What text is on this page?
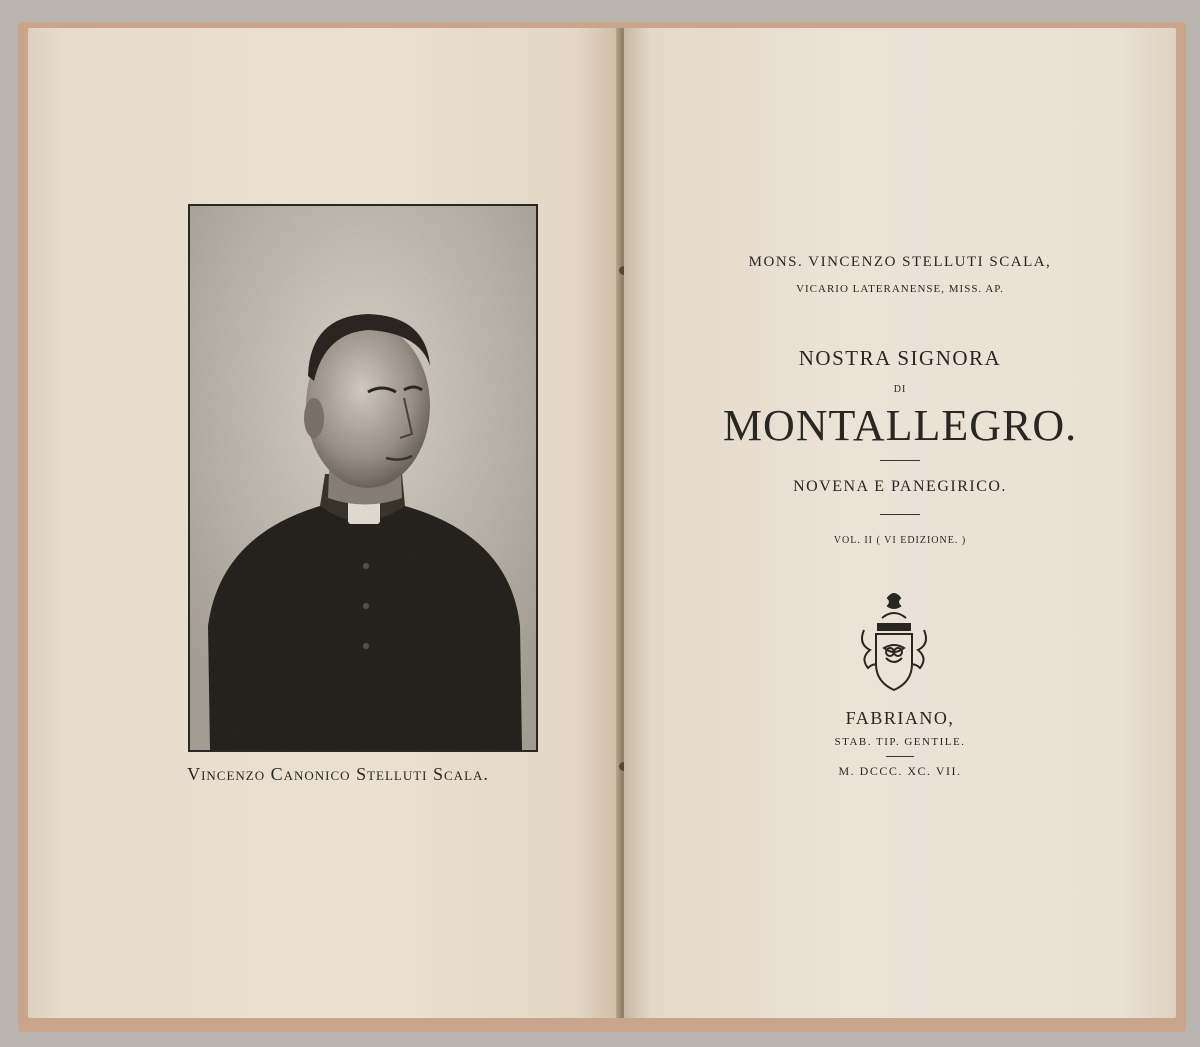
Vincenzo Canonico Stelluti Scala.
MONS. VINCENZO STELLUTI SCALA,
VICARIO LATERANENSE, MISS. AP.
NOSTRA SIGNORA
DI
MONTALLEGRO.
NOVENA E PANEGIRICO.
VOL. II ( VI EDIZIONE. )
FABRIANO,
STAB. TIP. GENTILE.
M. DCCC. XC. VII.
